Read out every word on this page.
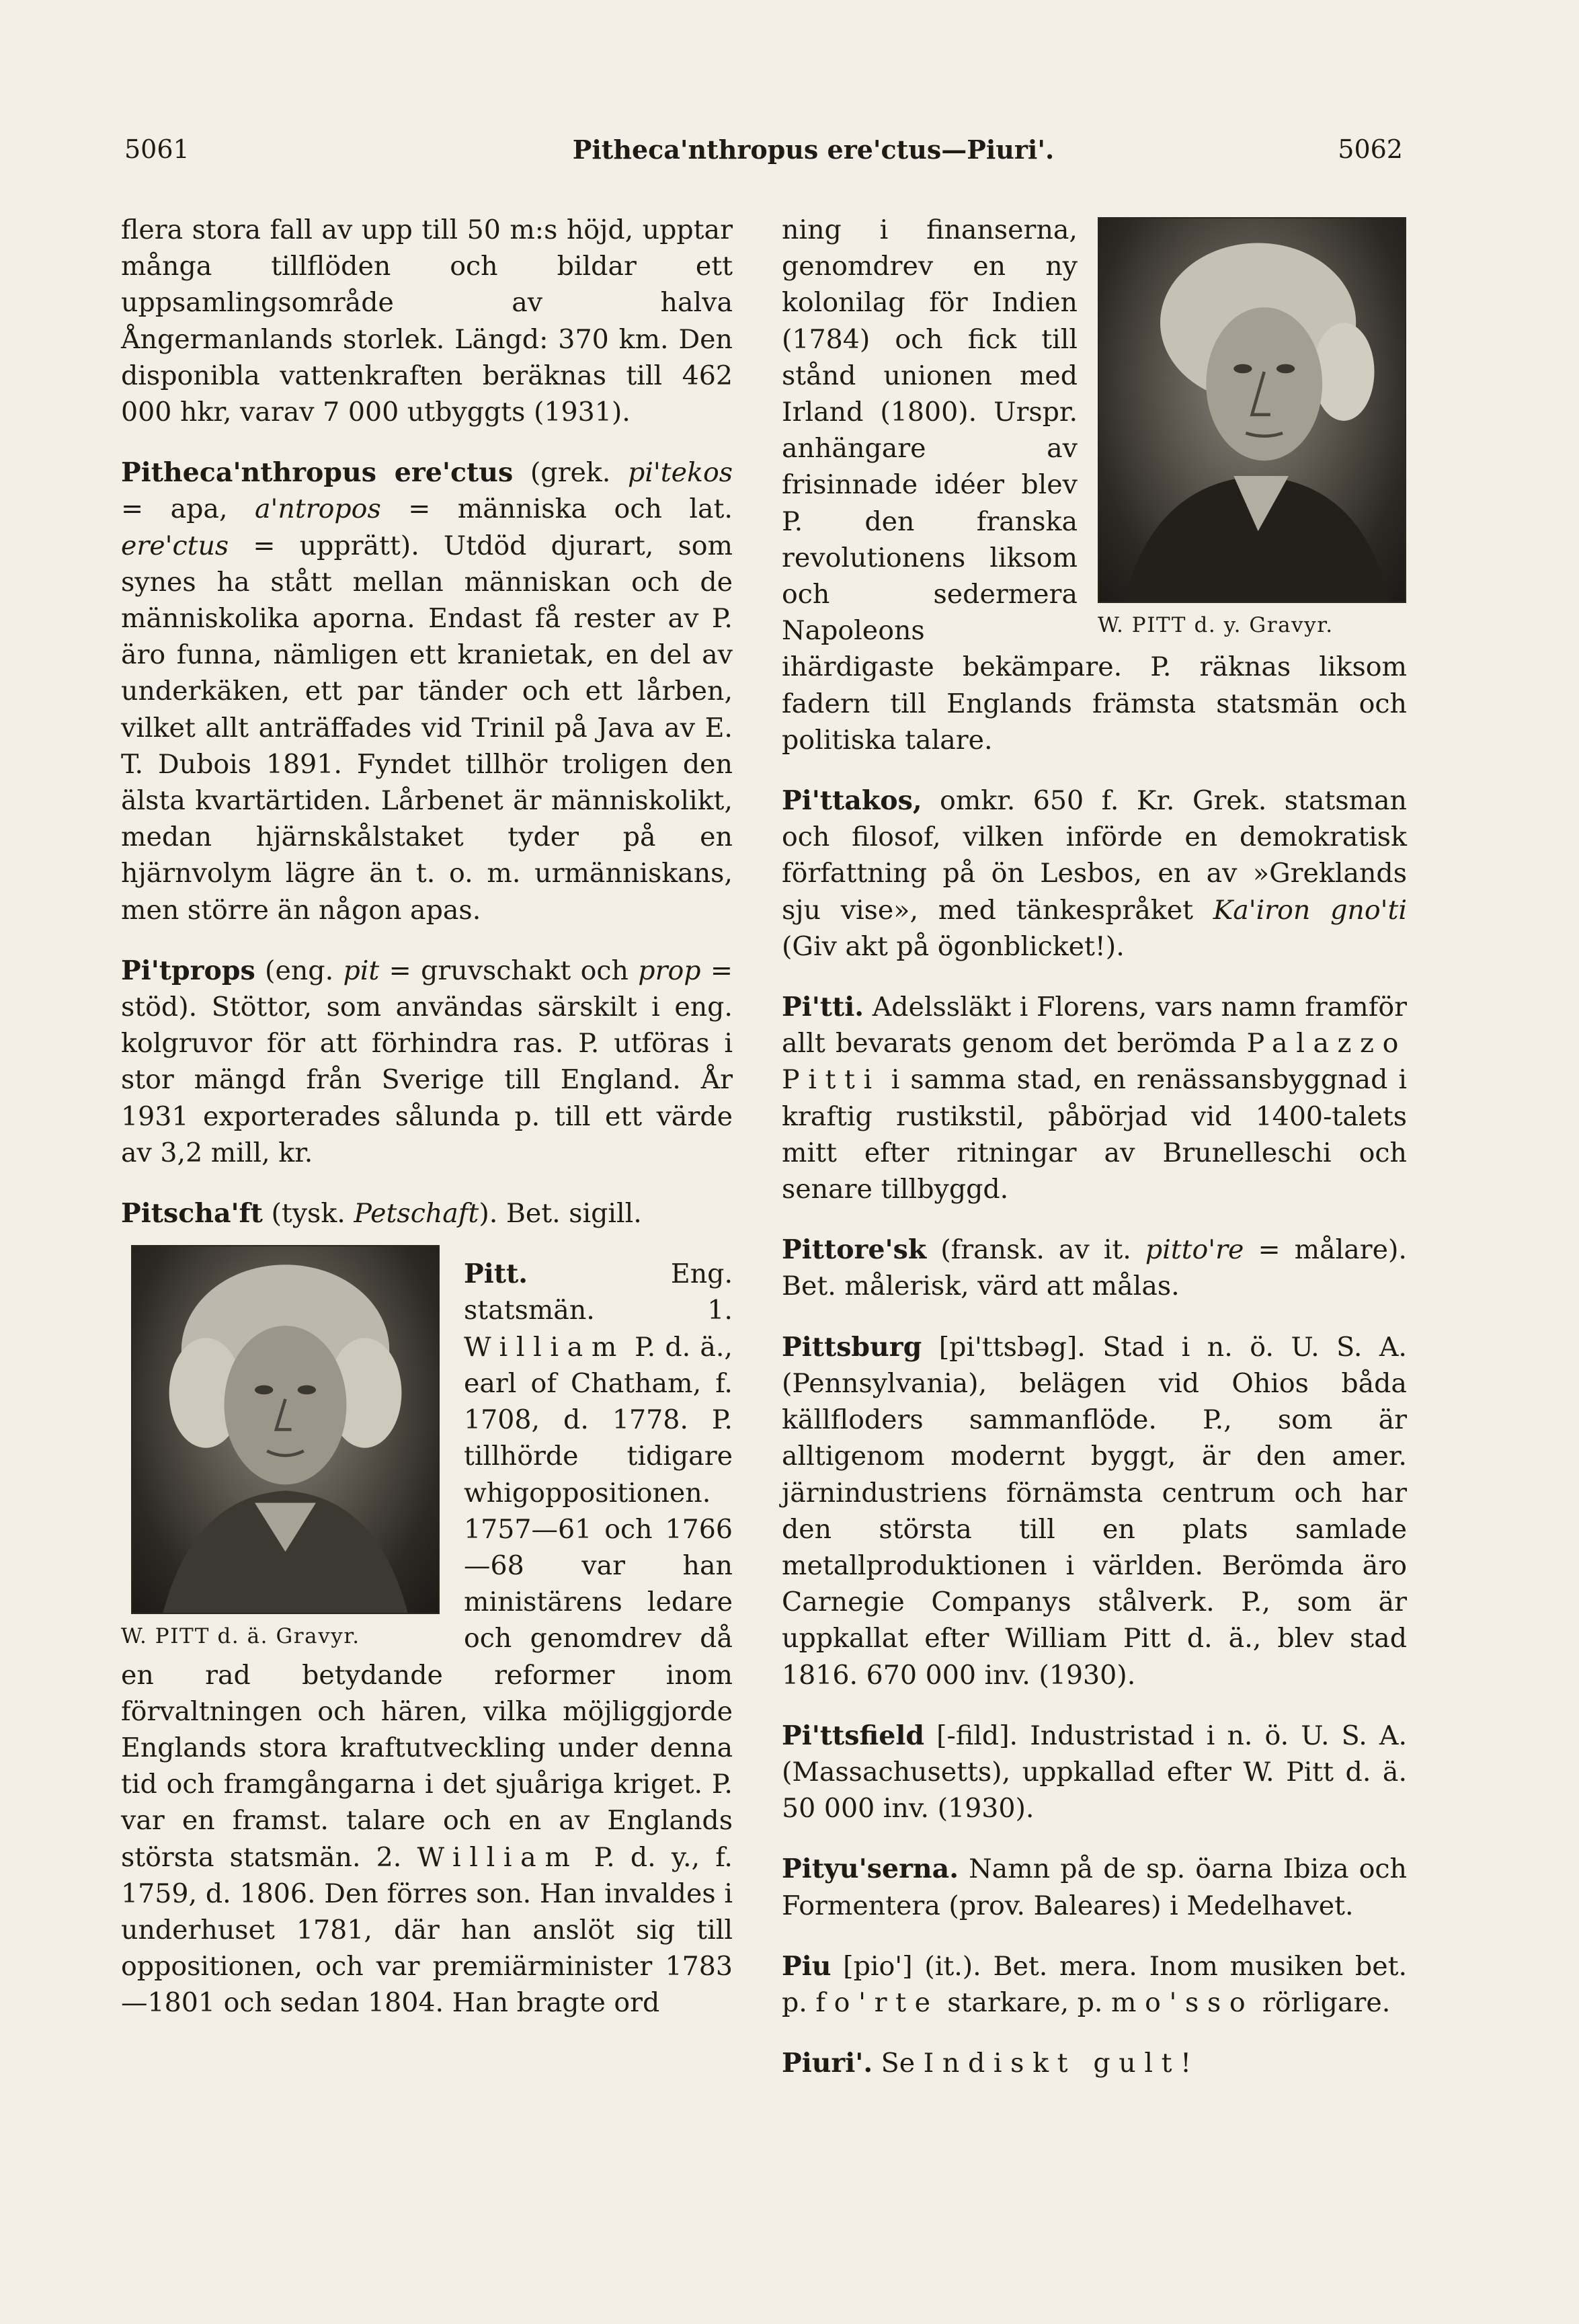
5061	Pitheca'nthropus ere'ctus—Piuri'.	5062

flera stora fall av upp till 50 m:s höjd, upptar många tillflöden och bildar ett uppsamlingsområde av halva Ångermanlands storlek. Längd: 370 km. Den disponibla vattenkraften beräknas till 462 000 hkr, varav 7 000 utbyggts (1931).

Pitheca'nthropus ere'ctus (grek. pi'tekos = apa, a'ntropos = människa och lat. ere'ctus = upprätt). Utdöd djurart, som synes ha stått mellan människan och de människolika aporna. Endast få rester av P. äro funna, nämligen ett kranietak, en del av underkäken, ett par tänder och ett lårben, vilket allt anträffades vid Trinil på Java av E. T. Dubois 1891. Fyndet tillhör troligen den älsta kvartärtiden. Lårbenet är människolikt, medan hjärnskålstaket tyder på en hjärnvolym lägre än t. o. m. urmänniskans, men större än någon apas.

Pi'tprops (eng. pit = gruvschakt och prop = stöd). Stöttor, som användas särskilt i eng. kolgruvor för att förhindra ras. P. utföras i stor mängd från Sverige till England. År 1931 exporterades sålunda p. till ett värde av 3,2 mill, kr.

Pitscha'ft (tysk. Petschaft). Bet. sigill.

W. PITT d. ä. Gravyr.

Pitt. Eng. statsmän. 1. William P. d. ä., earl of Chatham, f. 1708, d. 1778. P. tillhörde tidigare whigoppositionen. 1757—61 och 1766—68 var han ministärens ledare och genomdrev då en rad betydande reformer inom förvaltningen och hären, vilka möjliggjorde Englands stora kraftutveckling under denna tid och framgångarna i det sjuåriga kriget. P. var en framst. talare och en av Englands största statsmän. 2. William P. d. y., f. 1759, d. 1806. Den förres son. Han invaldes i underhuset 1781, där han anslöt sig till oppositionen, och var premiärminister 1783 —1801 och sedan 1804. Han bragte ord

W. PITT d. y. Gravyr.

ning i finanserna, genomdrev en ny kolonilag för Indien (1784) och fick till stånd unionen med Irland (1800). Urspr. anhängare av frisinnade idéer blev P. den franska revolutionens liksom och sedermera Napoleons ihärdigaste bekämpare. P. räknas liksom fadern till Englands främsta statsmän och politiska talare.

Pi'ttakos, omkr. 650 f. Kr. Grek. statsman och filosof, vilken införde en demokratisk författning på ön Lesbos, en av »Greklands sju vise», med tänkespråket Ka'iron gno'ti (Giv akt på ögonblicket!).

Pi'tti. Adelssläkt i Florens, vars namn framför allt bevarats genom det berömda Palazzo Pitti i samma stad, en renässansbyggnad i kraftig rustikstil, påbörjad vid 1400-talets mitt efter ritningar av Brunelleschi och senare tillbyggd.

Pittore'sk (fransk. av it. pitto're = målare). Bet. målerisk, värd att målas.

Pittsburg [pi'ttsbəg]. Stad i n. ö. U. S. A. (Pennsylvania), belägen vid Ohios båda källfloders sammanflöde. P., som är alltigenom modernt byggt, är den amer. järnindustriens förnämsta centrum och har den största till en plats samlade metallproduktionen i världen. Berömda äro Carnegie Companys stålverk. P., som är uppkallat efter William Pitt d. ä., blev stad 1816. 670 000 inv. (1930).

Pi'ttsfield [-fild]. Industristad i n. ö. U. S. A. (Massachusetts), uppkallad efter W. Pitt d. ä. 50 000 inv. (1930).

Pityu'serna. Namn på de sp. öarna Ibiza och Formentera (prov. Baleares) i Medelhavet.

Piu [pio'] (it.). Bet. mera. Inom musiken bet. p. fo'rte starkare, p. mo'sso rörligare.

Piuri'. Se Indiskt gult!
